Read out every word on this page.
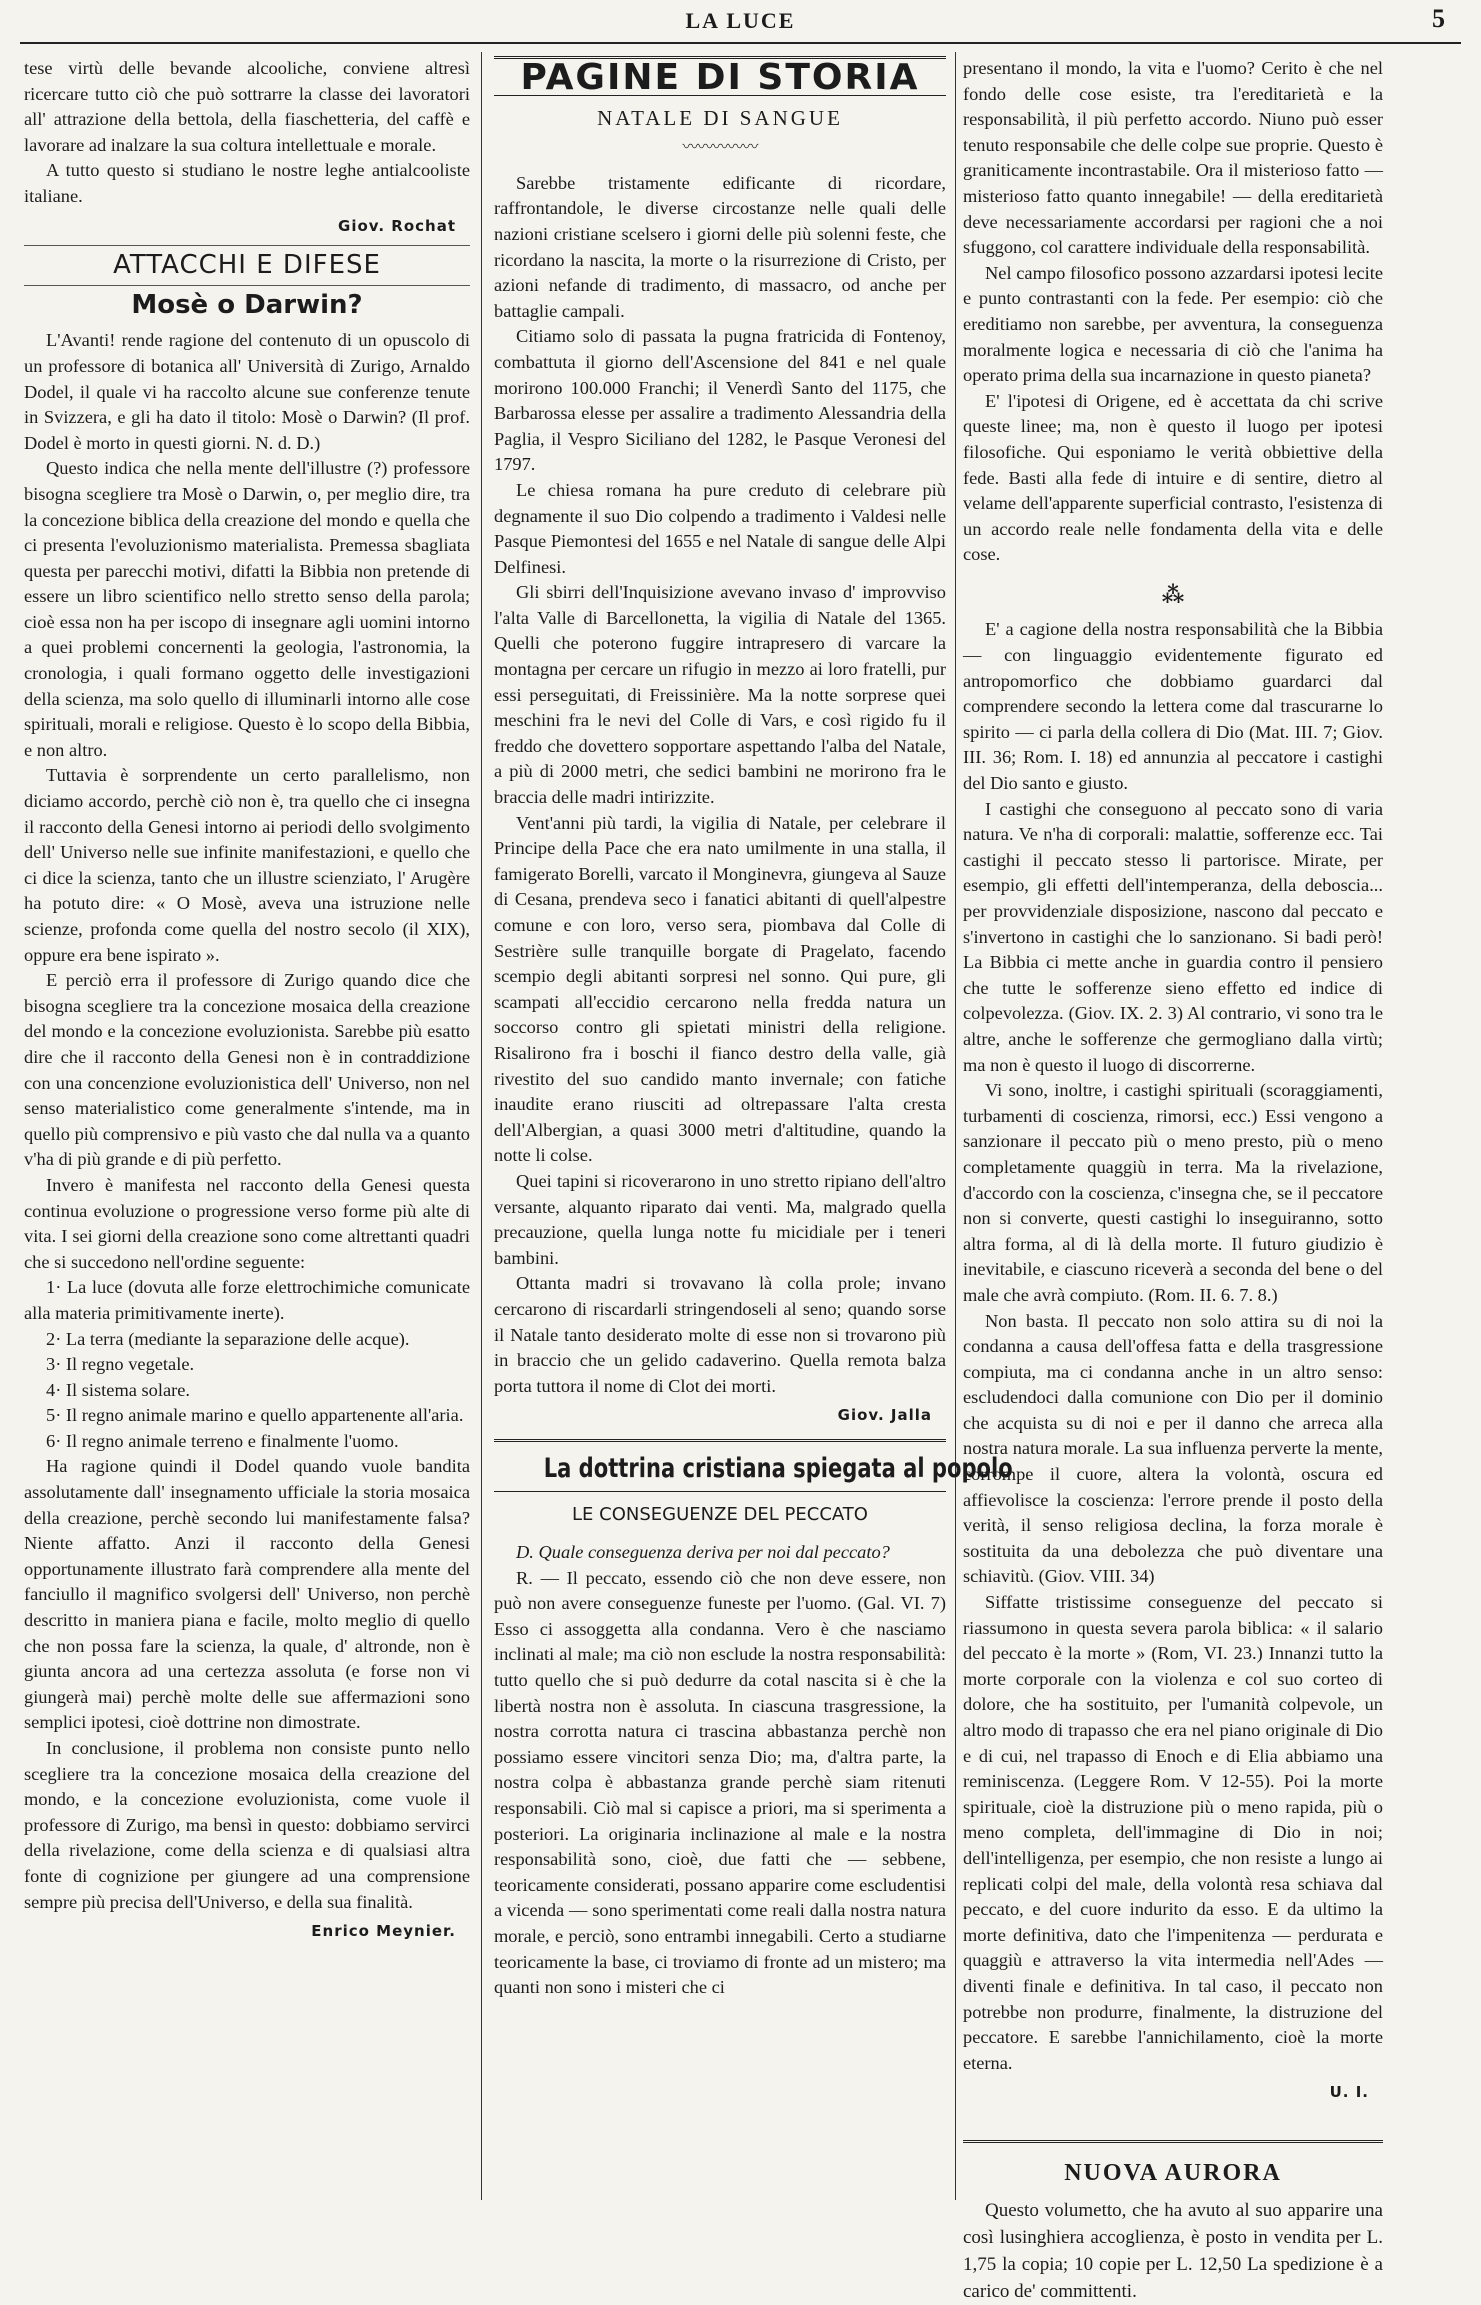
LA LUCE	5

tese virtù delle bevande alcooliche, conviene altresì ricercare tutto ciò che può sottrarre la classe dei lavoratori all' attrazione della bettola, della fiaschetteria, del caffè e lavorare ad inalzare la sua coltura intellettuale e morale.

A tutto questo si studiano le nostre leghe antialcooliste italiane.

Giov. Rochat
ATTACCHI E DIFESE
Mosè o Darwin?

L'Avanti! rende ragione del contenuto di un opuscolo di un professore di botanica all' Università di Zurigo, Arnaldo Dodel, il quale vi ha raccolto alcune sue conferenze tenute in Svizzera, e gli ha dato il titolo: Mosè o Darwin? (Il prof. Dodel è morto in questi giorni. N. d. D.)

Questo indica che nella mente dell'illustre (?) professore bisogna scegliere tra Mosè o Darwin, o, per meglio dire, tra la concezione biblica della creazione del mondo e quella che ci presenta l'evoluzionismo materialista. Premessa sbagliata questa per parecchi motivi, difatti la Bibbia non pretende di essere un libro scientifico nello stretto senso della parola; cioè essa non ha per iscopo di insegnare agli uomini intorno a quei problemi concernenti la geologia, l'astronomia, la cronologia, i quali formano oggetto delle investigazioni della scienza, ma solo quello di illuminarli intorno alle cose spirituali, morali e religiose. Questo è lo scopo della Bibbia, e non altro.

Tuttavia è sorprendente un certo parallelismo, non diciamo accordo, perchè ciò non è, tra quello che ci insegna il racconto della Genesi intorno ai periodi dello svolgimento dell' Universo nelle sue infinite manifestazioni, e quello che ci dice la scienza, tanto che un illustre scienziato, l' Arugère ha potuto dire: « O Mosè, aveva una istruzione nelle scienze, profonda come quella del nostro secolo (il XIX), oppure era bene ispirato ».

E perciò erra il professore di Zurigo quando dice che bisogna scegliere tra la concezione mosaica della creazione del mondo e la concezione evoluzionista. Sarebbe più esatto dire che il racconto della Genesi non è in contraddizione con una concenzione evoluzionistica dell' Universo, non nel senso materialistico come generalmente s'intende, ma in quello più comprensivo e più vasto che dal nulla va a quanto v'ha di più grande e di più perfetto.

Invero è manifesta nel racconto della Genesi questa continua evoluzione o progressione verso forme più alte di vita. I sei giorni della creazione sono come altrettanti quadri che si succedono nell'ordine seguente:

1· La luce (dovuta alle forze elettrochimiche comunicate alla materia primitivamente inerte).

2· La terra (mediante la separazione delle acque).

3· Il regno vegetale.

4· Il sistema solare.

5· Il regno animale marino e quello appartenente all'aria.

6· Il regno animale terreno e finalmente l'uomo.

Ha ragione quindi il Dodel quando vuole bandita assolutamente dall' insegnamento ufficiale la storia mosaica della creazione, perchè secondo lui manifestamente falsa? Niente affatto. Anzi il racconto della Genesi opportunamente illustrato farà comprendere alla mente del fanciullo il magnifico svolgersi dell' Universo, non perchè descritto in maniera piana e facile, molto meglio di quello che non possa fare la scienza, la quale, d' altronde, non è giunta ancora ad una certezza assoluta (e forse non vi giungerà mai) perchè molte delle sue affermazioni sono semplici ipotesi, cioè dottrine non dimostrate.

In conclusione, il problema non consiste punto nello scegliere tra la concezione mosaica della creazione del mondo, e la concezione evoluzionista, come vuole il professore di Zurigo, ma bensì in questo: dobbiamo servirci della rivelazione, come della scienza e di qualsiasi altra fonte di cognizione per giungere ad una comprensione sempre più precisa dell'Universo, e della sua finalità.

Enrico Meynier.
PAGINE DI STORIA
NATALE DI SANGUE
〰〰〰〰〰

Sarebbe tristamente edificante di ricordare, raffrontandole, le diverse circostanze nelle quali delle nazioni cristiane scelsero i giorni delle più solenni feste, che ricordano la nascita, la morte o la risurrezione di Cristo, per azioni nefande di tradimento, di massacro, od anche per battaglie campali.

Citiamo solo di passata la pugna fratricida di Fontenoy, combattuta il giorno dell'Ascensione del 841 e nel quale morirono 100.000 Franchi; il Venerdì Santo del 1175, che Barbarossa elesse per assalire a tradimento Alessandria della Paglia, il Vespro Siciliano del 1282, le Pasque Veronesi del 1797.

Le chiesa romana ha pure creduto di celebrare più degnamente il suo Dio colpendo a tradimento i Valdesi nelle Pasque Piemontesi del 1655 e nel Natale di sangue delle Alpi Delfinesi.

Gli sbirri dell'Inquisizione avevano invaso d' improvviso l'alta Valle di Barcellonetta, la vigilia di Natale del 1365. Quelli che poterono fuggire intrapresero di varcare la montagna per cercare un rifugio in mezzo ai loro fratelli, pur essi perseguitati, di Freissinière. Ma la notte sorprese quei meschini fra le nevi del Colle di Vars, e così rigido fu il freddo che dovettero sopportare aspettando l'alba del Natale, a più di 2000 metri, che sedici bambini ne morirono fra le braccia delle madri intirizzite.

Vent'anni più tardi, la vigilia di Natale, per celebrare il Principe della Pace che era nato umilmente in una stalla, il famigerato Borelli, varcato il Monginevra, giungeva al Sauze di Cesana, prendeva seco i fanatici abitanti di quell'alpestre comune e con loro, verso sera, piombava dal Colle di Sestrière sulle tranquille borgate di Pragelato, facendo scempio degli abitanti sorpresi nel sonno. Qui pure, gli scampati all'eccidio cercarono nella fredda natura un soccorso contro gli spietati ministri della religione. Risalirono fra i boschi il fianco destro della valle, già rivestito del suo candido manto invernale; con fatiche inaudite erano riusciti ad oltrepassare l'alta cresta dell'Albergian, a quasi 3000 metri d'altitudine, quando la notte li colse.

Quei tapini si ricoverarono in uno stretto ripiano dell'altro versante, alquanto riparato dai venti. Ma, malgrado quella precauzione, quella lunga notte fu micidiale per i teneri bambini.

Ottanta madri si trovavano là colla prole; invano cercarono di riscardarli stringendoseli al seno; quando sorse il Natale tanto desiderato molte di esse non si trovarono più in braccio che un gelido cadaverino. Quella remota balza porta tuttora il nome di Clot dei morti.

Giov. Jalla
La dottrina cristiana spiegata al popolo
LE CONSEGUENZE DEL PECCATO

D. Quale conseguenza deriva per noi dal peccato?

R. — Il peccato, essendo ciò che non deve essere, non può non avere conseguenze funeste per l'uomo. (Gal. VI. 7) Esso ci assoggetta alla condanna. Vero è che nasciamo inclinati al male; ma ciò non esclude la nostra responsabilità: tutto quello che si può dedurre da cotal nascita si è che la libertà nostra non è assoluta. In ciascuna trasgressione, la nostra corrotta natura ci trascina abbastanza perchè non possiamo essere vincitori senza Dio; ma, d'altra parte, la nostra colpa è abbastanza grande perchè siam ritenuti responsabili. Ciò mal si capisce a priori, ma si sperimenta a posteriori. La originaria inclinazione al male e la nostra responsabilità sono, cioè, due fatti che — sebbene, teoricamente considerati, possano apparire come escludentisi a vicenda — sono sperimentati come reali dalla nostra natura morale, e perciò, sono entrambi innegabili. Certo a studiarne teoricamente la base, ci troviamo di fronte ad un mistero; ma quanti non sono i misteri che ci

presentano il mondo, la vita e l'uomo? Cerito è che nel fondo delle cose esiste, tra l'ereditarietà e la responsabilità, il più perfetto accordo. Niuno può esser tenuto responsabile che delle colpe sue proprie. Questo è graniticamente incontrastabile. Ora il misterioso fatto — misterioso fatto quanto innegabile! — della ereditarietà deve necessariamente accordarsi per ragioni che a noi sfuggono, col carattere individuale della responsabilità.

Nel campo filosofico possono azzardarsi ipotesi lecite e punto contrastanti con la fede. Per esempio: ciò che ereditiamo non sarebbe, per avventura, la conseguenza moralmente logica e necessaria di ciò che l'anima ha operato prima della sua incarnazione in questo pianeta?

E' l'ipotesi di Origene, ed è accettata da chi scrive queste linee; ma, non è questo il luogo per ipotesi filosofiche. Qui esponiamo le verità obbiettive della fede. Basti alla fede di intuire e di sentire, dietro al velame dell'apparente superficial contrasto, l'esistenza di un accordo reale nelle fondamenta della vita e delle cose.

⁂

E' a cagione della nostra responsabilità che la Bibbia — con linguaggio evidentemente figurato ed antropomorfico che dobbiamo guardarci dal comprendere secondo la lettera come dal trascurarne lo spirito — ci parla della collera di Dio (Mat. III. 7; Giov. III. 36; Rom. I. 18) ed annunzia al peccatore i castighi del Dio santo e giusto.

I castighi che conseguono al peccato sono di varia natura. Ve n'ha di corporali: malattie, sofferenze ecc. Tai castighi il peccato stesso li partorisce. Mirate, per esempio, gli effetti dell'intemperanza, della deboscia... per provvidenziale disposizione, nascono dal peccato e s'invertono in castighi che lo sanzionano. Si badi però! La Bibbia ci mette anche in guardia contro il pensiero che tutte le sofferenze sieno effetto ed indice di colpevolezza. (Giov. IX. 2. 3) Al contrario, vi sono tra le altre, anche le sofferenze che germogliano dalla virtù; ma non è questo il luogo di discorrerne.

Vi sono, inoltre, i castighi spirituali (scoraggiamenti, turbamenti di coscienza, rimorsi, ecc.) Essi vengono a sanzionare il peccato più o meno presto, più o meno completamente quaggiù in terra. Ma la rivelazione, d'accordo con la coscienza, c'insegna che, se il peccatore non si converte, questi castighi lo inseguiranno, sotto altra forma, al di là della morte. Il futuro giudizio è inevitabile, e ciascuno riceverà a seconda del bene o del male che avrà compiuto. (Rom. II. 6. 7. 8.)

Non basta. Il peccato non solo attira su di noi la condanna a causa dell'offesa fatta e della trasgressione compiuta, ma ci condanna anche in un altro senso: escludendoci dalla comunione con Dio per il dominio che acquista su di noi e per il danno che arreca alla nostra natura morale. La sua influenza perverte la mente, corrompe il cuore, altera la volontà, oscura ed affievolisce la coscienza: l'errore prende il posto della verità, il senso religiosa declina, la forza morale è sostituita da una debolezza che può diventare una schiavitù. (Giov. VIII. 34)

Siffatte tristissime conseguenze del peccato si riassumono in questa severa parola biblica: « il salario del peccato è la morte » (Rom, VI. 23.) Innanzi tutto la morte corporale con la violenza e col suo corteo di dolore, che ha sostituito, per l'umanità colpevole, un altro modo di trapasso che era nel piano originale di Dio e di cui, nel trapasso di Enoch e di Elia abbiamo una reminiscenza. (Leggere Rom. V 12-55). Poi la morte spirituale, cioè la distruzione più o meno rapida, più o meno completa, dell'immagine di Dio in noi; dell'intelligenza, per esempio, che non resiste a lungo ai replicati colpi del male, della volontà resa schiava dal peccato, e del cuore indurito da esso. E da ultimo la morte definitiva, dato che l'impenitenza — perdurata e quaggiù e attraverso la vita intermedia nell'Ades — diventi finale e definitiva. In tal caso, il peccato non potrebbe non produrre, finalmente, la distruzione del peccatore. E sarebbe l'annichilamento, cioè la morte eterna.

U. I.
NUOVA AURORA

Questo volumetto, che ha avuto al suo apparire una così lusinghiera accoglienza, è posto in vendita per L. 1,75 la copia; 10 copie per L. 12,50 La spedizione è a carico de' committenti.
